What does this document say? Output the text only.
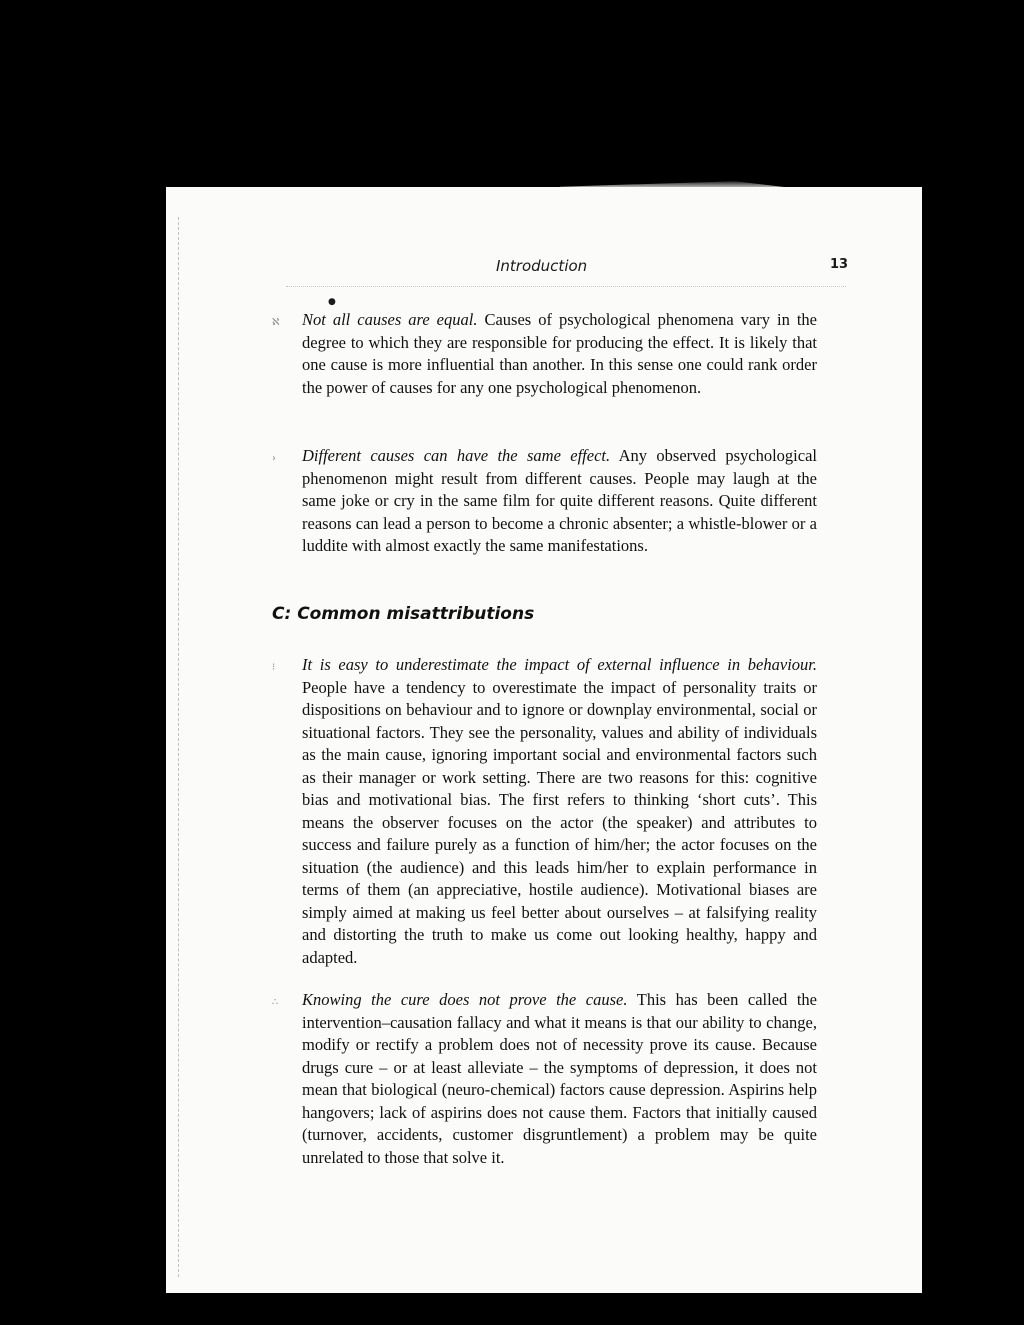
Introduction	13
●
ℵ Not all causes are equal. Causes of psychological phenomena vary in the degree to which they are responsible for producing the effect. It is likely that one cause is more influential than another. In this sense one could rank order the power of causes for any one psychological phenomenon.

› Different causes can have the same effect. Any observed psychological phenomenon might result from different causes. People may laugh at the same joke or cry in the same film for quite different reasons. Quite different reasons can lead a person to become a chronic absenter; a whistle-blower or a luddite with almost exactly the same manifestations.

C: Common misattributions
⁝ It is easy to underestimate the impact of external influence in behaviour. People have a tendency to overestimate the impact of personality traits or dispositions on behaviour and to ignore or downplay environmental, social or situational factors. They see the personality, values and ability of individuals as the main cause, ignoring important social and environmental factors such as their manager or work setting. There are two reasons for this: cognitive bias and motivational bias. The first refers to thinking ‘short cuts’. This means the observer focuses on the actor (the speaker) and attributes to success and failure purely as a function of him/her; the actor focuses on the situation (the audience) and this leads him/her to explain performance in terms of them (an appreciative, hostile audience). Motivational biases are simply aimed at making us feel better about ourselves – at falsifying reality and distorting the truth to make us come out looking healthy, happy and adapted.

∴ Knowing the cure does not prove the cause. This has been called the intervention–causation fallacy and what it means is that our ability to change, modify or rectify a problem does not of necessity prove its cause. Because drugs cure – or at least alleviate – the symptoms of depression, it does not mean that biological (neuro-chemical) factors cause depression. Aspirins help hangovers; lack of aspirins does not cause them. Factors that initially caused (turnover, accidents, customer disgruntlement) a problem may be quite unrelated to those that solve it.
